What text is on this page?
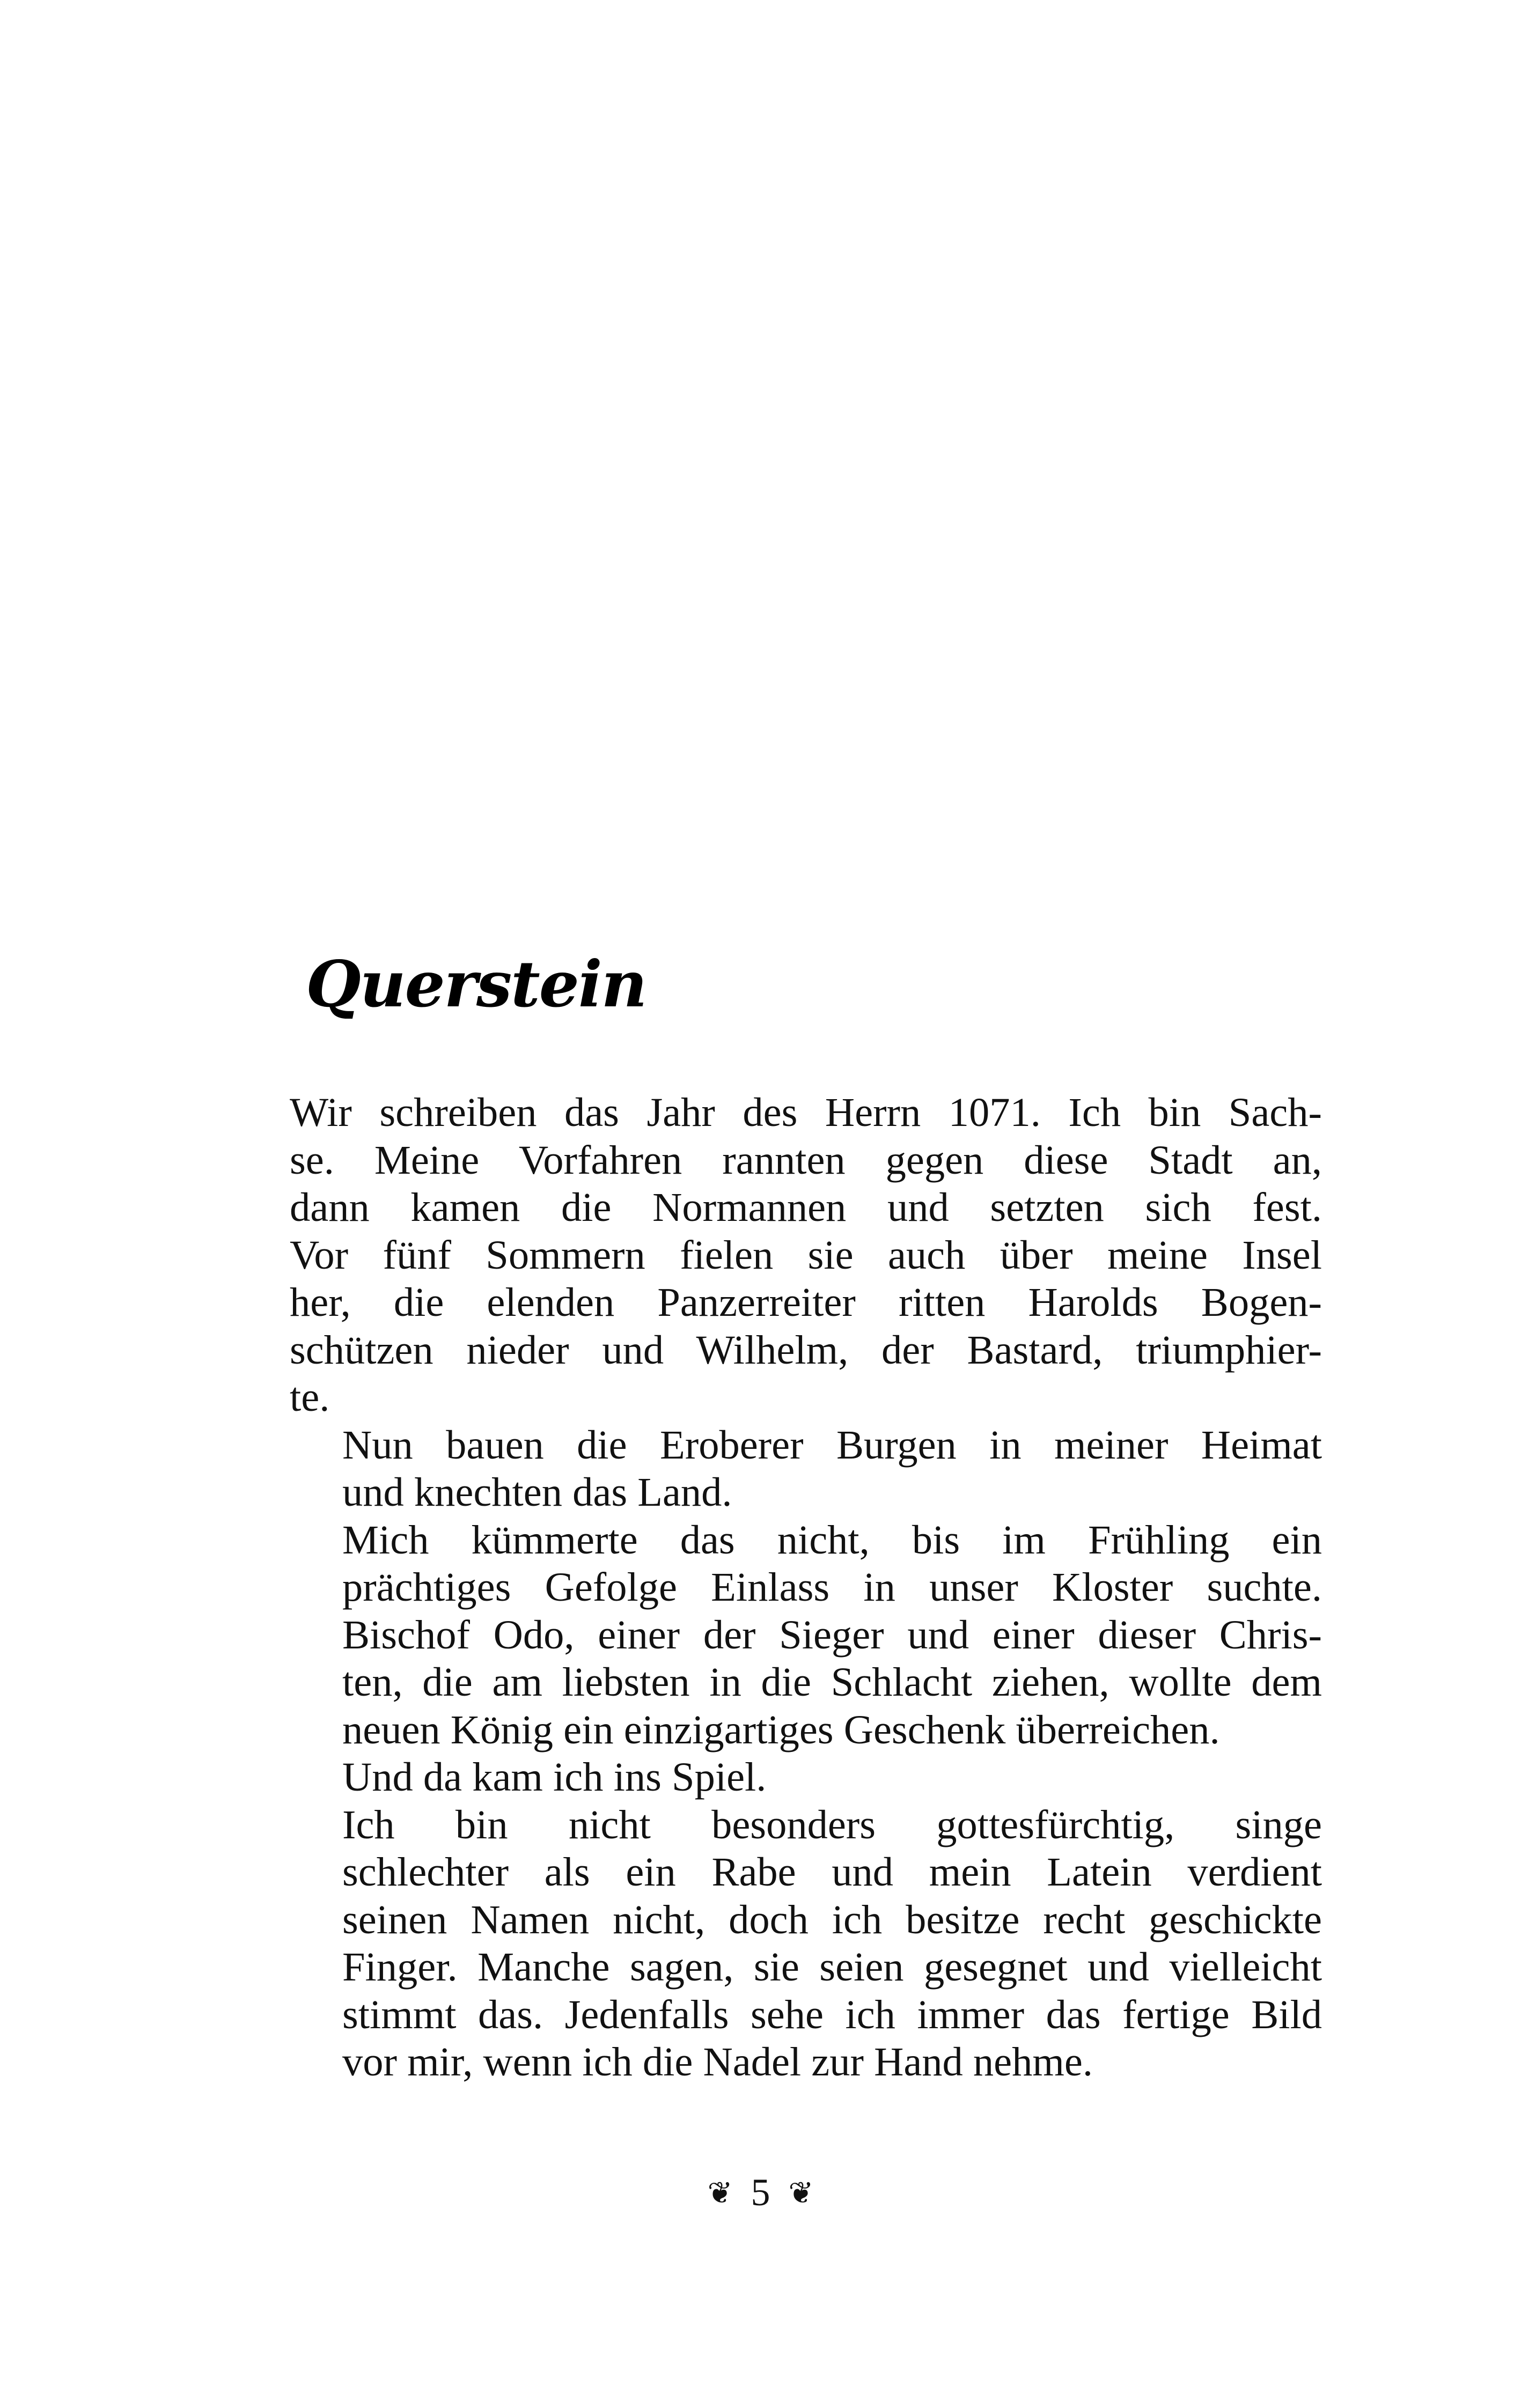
Querstein

Wir schreiben das Jahr des Herrn 1071. Ich bin Sach-
se. Meine Vorfahren rannten gegen diese Stadt an,
dann kamen die Normannen und setzten sich fest.
Vor fünf Sommern fielen sie auch über meine Insel
her, die elenden Panzerreiter ritten Harolds Bogen-
schützen nieder und Wilhelm, der Bastard, triumphier-
te.

Nun bauen die Eroberer Burgen in meiner Heimat
und knechten das Land.

Mich kümmerte das nicht, bis im Frühling ein
prächtiges Gefolge Einlass in unser Kloster suchte.
Bischof Odo, einer der Sieger und einer dieser Chris-
ten, die am liebsten in die Schlacht ziehen, wollte dem
neuen König ein einzigartiges Geschenk überreichen.

Und da kam ich ins Spiel.

Ich bin nicht besonders gottesfürchtig, singe
schlechter als ein Rabe und mein Latein verdient
seinen Namen nicht, doch ich besitze recht geschickte
Finger. Manche sagen, sie seien gesegnet und vielleicht
stimmt das. Jedenfalls sehe ich immer das fertige Bild
vor mir, wenn ich die Nadel zur Hand nehme.

❦ 5 ❦
